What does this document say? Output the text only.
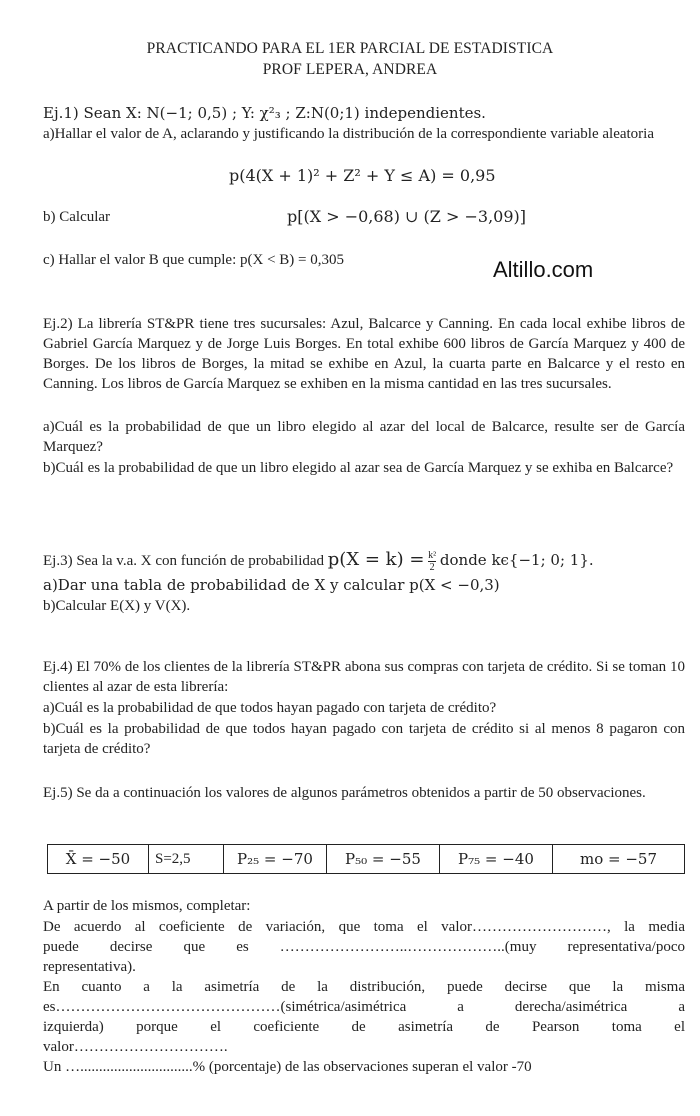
PRACTICANDO PARA EL 1ER PARCIAL DE ESTADISTICA
PROF LEPERA, ANDREA
Ej.1) Sean X: N(−1; 0,5) ; Y: χ²₃ ; Z:N(0;1) independientes.
a)Hallar el valor de A, aclarando y justificando la distribución de la correspondiente variable aleatoria
p(4(X + 1)² + Z² + Y ≤ A) = 0,95
b) Calcular	p[(X > −0,68) ∪ (Z > −3,09)]
c) Hallar el valor B que cumple: p(X < B) = 0,305	Altillo.com
Ej.2) La librería ST&PR tiene tres sucursales: Azul, Balcarce y Canning. En cada local exhibe libros de Gabriel García Marquez y de Jorge Luis Borges. En total exhibe 600 libros de García Marquez y 400 de Borges. De los libros de Borges, la mitad se exhibe en Azul, la cuarta parte en Balcarce y el resto en Canning. Los libros de García Marquez se exhiben en la misma cantidad en las tres sucursales.
a)Cuál es la probabilidad de que un libro elegido al azar del local de Balcarce, resulte ser de García Marquez?
b)Cuál es la probabilidad de que un libro elegido al azar sea de García Marquez y se exhiba en Balcarce?
Ej.3) Sea la v.a. X con función de probabilidad $p(X = k) = \frac{\text{k²}}{2}$ donde kϵ{−1; 0; 1}.
a)Dar una tabla de probabilidad de X y calcular p(X < −0,3)
b)Calcular E(X) y V(X).
Ej.4) El 70% de los clientes de la librería ST&PR abona sus compras con tarjeta de crédito. Si se toman 10 clientes al azar de esta librería:
a)Cuál es la probabilidad de que todos hayan pagado con tarjeta de crédito?
b)Cuál es la probabilidad de que todos hayan pagado con tarjeta de crédito si al menos 8 pagaron con tarjeta de crédito?
Ej.5) Se da a continuación los valores de algunos parámetros obtenidos a partir de 50 observaciones.
X̄ = −50	S=2,5	P₂₅ = −70	P₅₀ = −55	P₇₅ = −40	mo = −57
A partir de los mismos, completar:
De acuerdo al coeficiente de variación, que toma el valor………………………, la media
puede decirse que es ……………………..………………..(muy representativa/poco
representativa).
En cuanto a la asimetría de la distribución, puede decirse que la misma
es………………………………………(simétrica/asimétrica a derecha/asimétrica a
izquierda) porque el coeficiente de asimetría de Pearson toma el
valor………………………….
Un …..............................% (porcentaje) de las observaciones superan el valor -70
